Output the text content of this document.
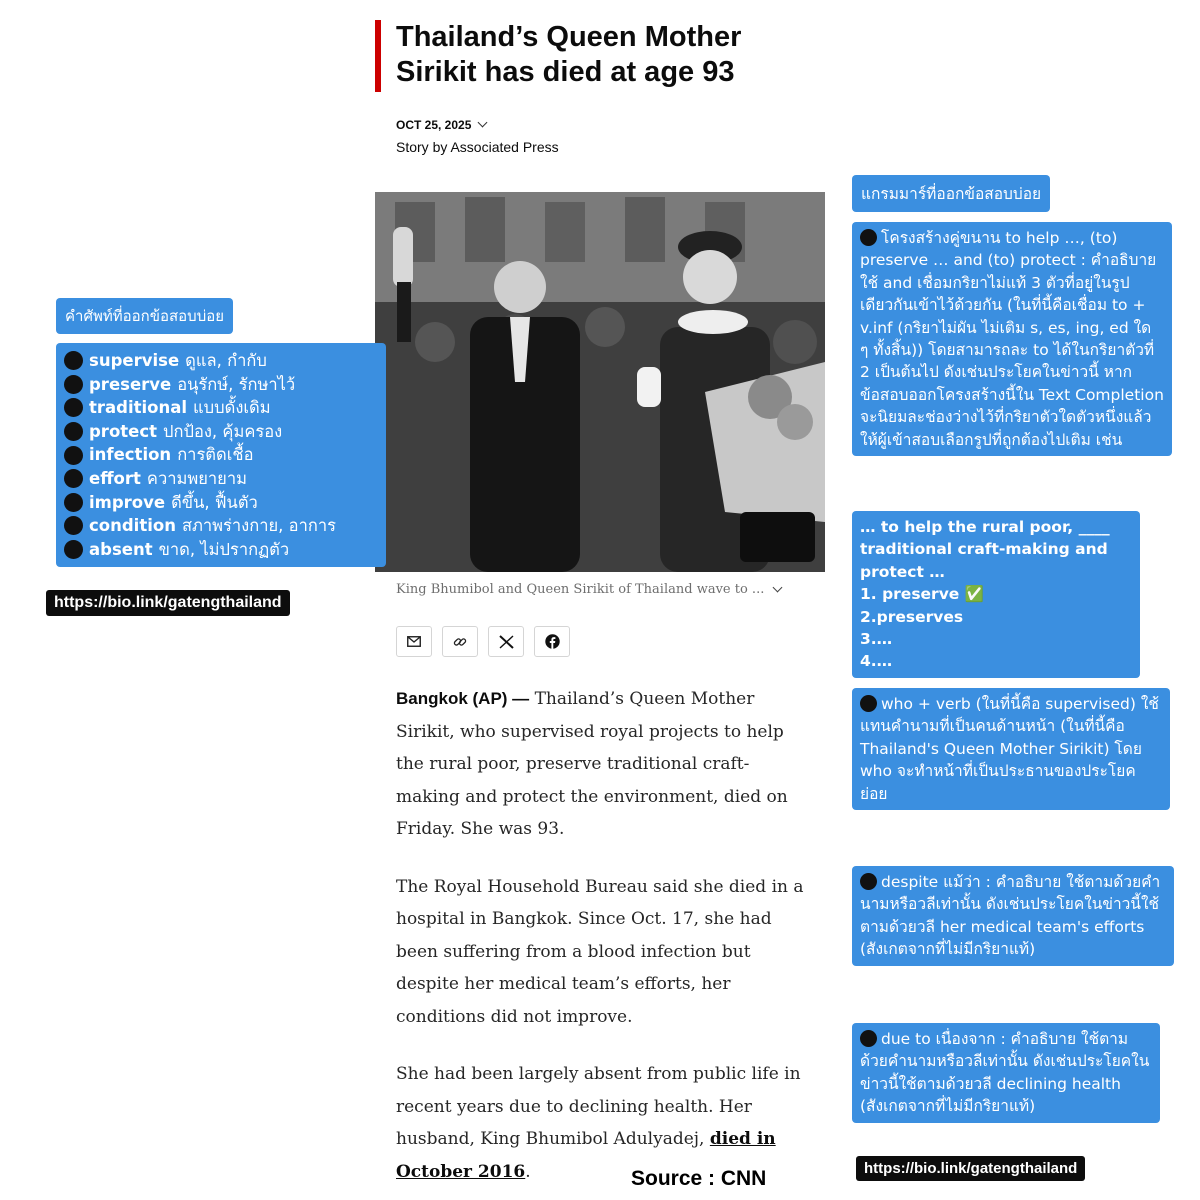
Thailand’s Queen Mother Sirikit has died at age 93
OCT 25, 2025
Story by Associated Press
King Bhumibol and Queen Sirikit of Thailand wave to ...

Bangkok (AP) — Thailand’s Queen Mother Sirikit, who supervised royal projects to help the rural poor, preserve traditional craft-making and protect the environment, died on Friday. She was 93.

The Royal Household Bureau said she died in a hospital in Bangkok. Since Oct. 17, she had been suffering from a blood infection but despite her medical team’s efforts, her conditions did not improve.

She had been largely absent from public life in recent years due to declining health. Her husband, King Bhumibol Adulyadej, died in October 2016.	Source : CNN
คำศัพท์ที่ออกข้อสอบบ่อย
supervise ดูแล, กำกับ
preserve อนุรักษ์, รักษาไว้
traditional แบบดั้งเดิม
protect ปกป้อง, คุ้มครอง
infection การติดเชื้อ
effort ความพยายาม
improve ดีขึ้น, ฟื้นตัว
condition สภาพร่างกาย, อาการ
absent ขาด, ไม่ปรากฏตัว
https://bio.link/gatengthailand
แกรมมาร์ที่ออกข้อสอบบ่อย
โครงสร้างคู่ขนาน to help …, (to) preserve … and (to) protect : คำอธิบาย ใช้ and เชื่อมกริยาไม่แท้ 3 ตัวที่อยู่ในรูปเดียวกันเข้าไว้ด้วยกัน (ในที่นี้คือเชื่อม to + v.inf (กริยาไม่ผัน ไม่เติม s, es, ing, ed ใด ๆ ทั้งสิ้น)) โดยสามารถละ to ได้ในกริยาตัวที่ 2 เป็นต้นไป ดังเช่นประโยคในข่าวนี้ หากข้อสอบออกโครงสร้างนี้ใน Text Completion จะนิยมละช่องว่างไว้ที่กริยาตัวใดตัวหนึ่งแล้วให้ผู้เข้าสอบเลือกรูปที่ถูกต้องไปเติม เช่น
… to help the rural poor, ____ traditional craft-making and protect …
1. preserve ✅
2.preserves
3.…
4.…
who + verb (ในที่นี้คือ supervised) ใช้แทนคำนามที่เป็นคนด้านหน้า (ในที่นี้คือ Thailand's Queen Mother Sirikit) โดย who จะทำหน้าที่เป็นประธานของประโยคย่อย
despite แม้ว่า : คำอธิบาย ใช้ตามด้วยคำนามหรือวลีเท่านั้น ดังเช่นประโยคในข่าวนี้ใช้ตามด้วยวลี her medical team's efforts (สังเกตจากที่ไม่มีกริยาแท้)
due to เนื่องจาก : คำอธิบาย ใช้ตามด้วยคำนามหรือวลีเท่านั้น ดังเช่นประโยคในข่าวนี้ใช้ตามด้วยวลี declining health (สังเกตจากที่ไม่มีกริยาแท้)
https://bio.link/gatengthailand
